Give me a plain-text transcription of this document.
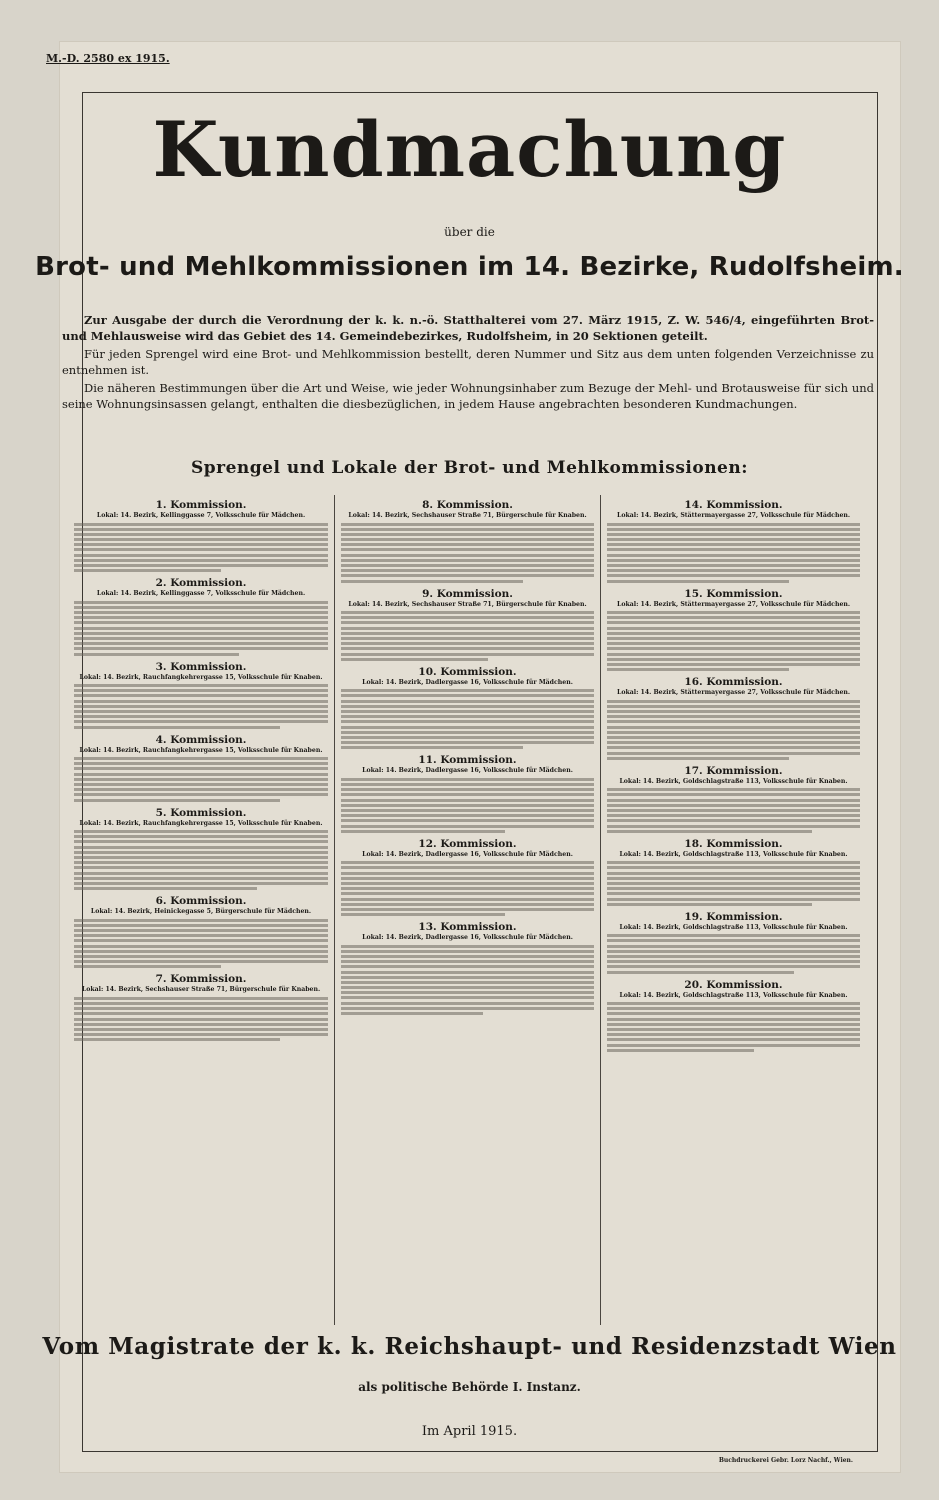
M.-D. 2580 ex 1915.
Kundmachung
über die
Brot- und Mehlkommissionen im 14. Bezirke, Rudolfsheim.

Zur Ausgabe der durch die Verordnung der k. k. n.-ö. Statthalterei vom 27. März 1915, Z. W. 546/4, eingeführten Brot- und Mehlausweise wird das Gebiet des 14. Gemeindebezirkes, Rudolfsheim, in 20 Sektionen geteilt.

Für jeden Sprengel wird eine Brot- und Mehlkommission bestellt, deren Nummer und Sitz aus dem unten folgenden Verzeichnisse zu entnehmen ist.

Die näheren Bestimmungen über die Art und Weise, wie jeder Wohnungsinhaber zum Bezuge der Mehl- und Brotausweise für sich und seine Wohnungsinsassen gelangt, enthalten die diesbezüglichen, in jedem Hause angebrachten besonderen Kundmachungen.

Sprengel und Lokale der Brot- und Mehlkommissionen:
1. Kommission.
Lokal: 14. Bezirk, Kellinggasse 7, Volksschule für Mädchen.
2. Kommission.
Lokal: 14. Bezirk, Kellinggasse 7, Volksschule für Mädchen.
3. Kommission.
Lokal: 14. Bezirk, Rauchfangkehrergasse 15, Volksschule für Knaben.
4. Kommission.
Lokal: 14. Bezirk, Rauchfangkehrergasse 15, Volksschule für Knaben.
5. Kommission.
Lokal: 14. Bezirk, Rauchfangkehrergasse 15, Volksschule für Knaben.
6. Kommission.
Lokal: 14. Bezirk, Heinickegasse 5, Bürgerschule für Mädchen.
7. Kommission.
Lokal: 14. Bezirk, Sechshauser Straße 71, Bürgerschule für Knaben.
8. Kommission.
Lokal: 14. Bezirk, Sechshauser Straße 71, Bürgerschule für Knaben.
9. Kommission.
Lokal: 14. Bezirk, Sechshauser Straße 71, Bürgerschule für Knaben.
10. Kommission.
Lokal: 14. Bezirk, Dadlergasse 16, Volksschule für Mädchen.
11. Kommission.
Lokal: 14. Bezirk, Dadlergasse 16, Volksschule für Mädchen.
12. Kommission.
Lokal: 14. Bezirk, Dadlergasse 16, Volksschule für Mädchen.
13. Kommission.
Lokal: 14. Bezirk, Dadlergasse 16, Volksschule für Mädchen.
14. Kommission.
Lokal: 14. Bezirk, Stättermayergasse 27, Volksschule für Mädchen.
15. Kommission.
Lokal: 14. Bezirk, Stättermayergasse 27, Volksschule für Mädchen.
16. Kommission.
Lokal: 14. Bezirk, Stättermayergasse 27, Volksschule für Mädchen.
17. Kommission.
Lokal: 14. Bezirk, Goldschlagstraße 113, Volksschule für Knaben.
18. Kommission.
Lokal: 14. Bezirk, Goldschlagstraße 113, Volksschule für Knaben.
19. Kommission.
Lokal: 14. Bezirk, Goldschlagstraße 113, Volksschule für Knaben.
20. Kommission.
Lokal: 14. Bezirk, Goldschlagstraße 113, Volksschule für Knaben.
Vom Magistrate der k. k. Reichshaupt- und Residenzstadt Wien
als politische Behörde I. Instanz.
Im April 1915.
Buchdruckerei Gebr. Lorz Nachf., Wien.
